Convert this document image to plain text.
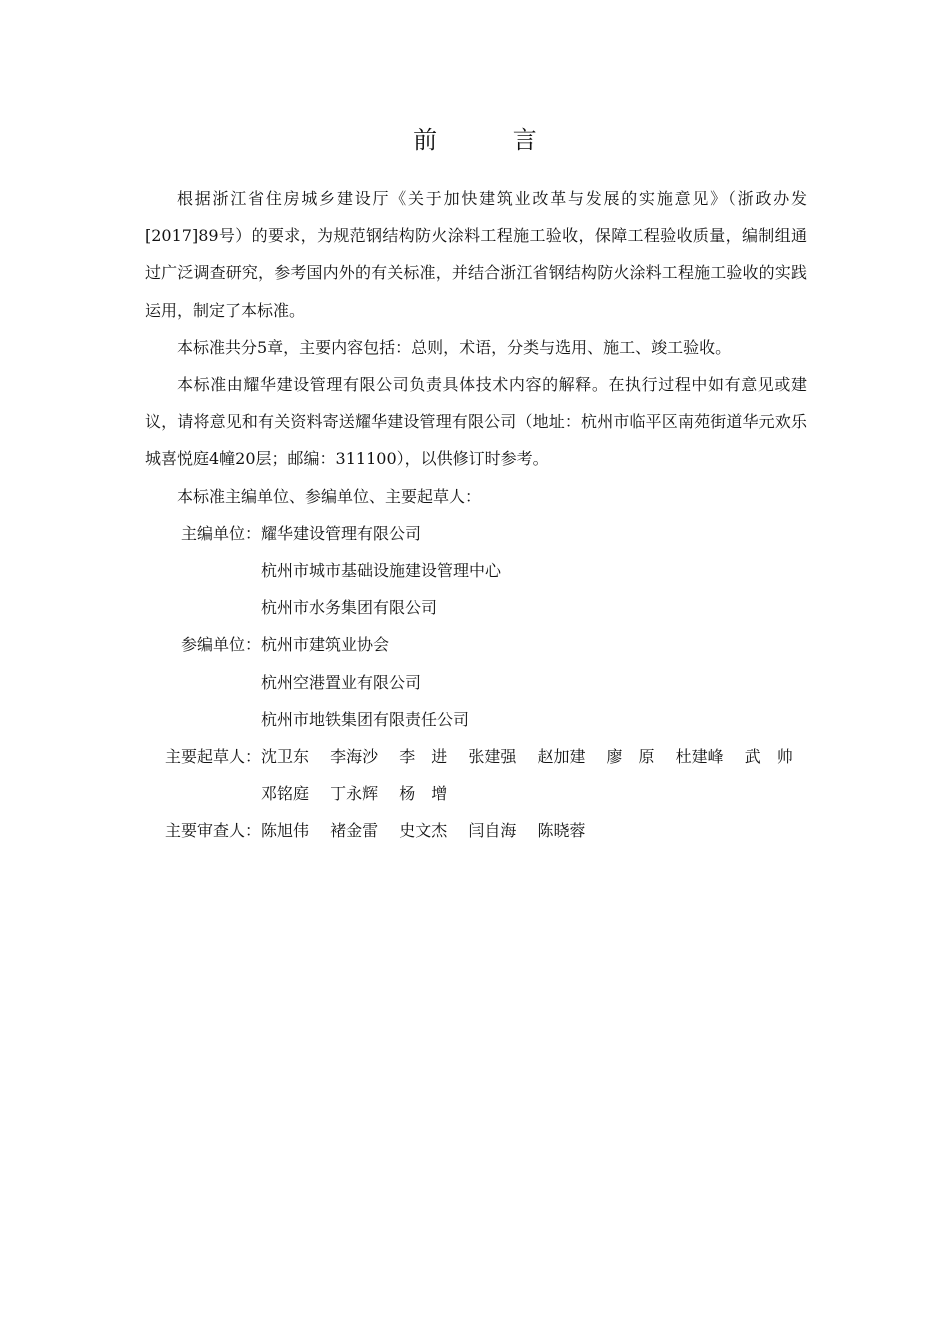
前 言

根据浙江省住房城乡建设厅《关于加快建筑业改革与发展的实施意见》（浙政办发[2017]89号）的要求，为规范钢结构防火涂料工程施工验收，保障工程验收质量，编制组通过广泛调查研究，参考国内外的有关标准，并结合浙江省钢结构防火涂料工程施工验收的实践运用，制定了本标准。

本标准共分5章，主要内容包括：总则，术语，分类与选用、施工、竣工验收。

本标准由耀华建设管理有限公司负责具体技术内容的解释。在执行过程中如有意见或建议，请将意见和有关资料寄送耀华建设管理有限公司（地址：杭州市临平区南苑街道华元欢乐城喜悦庭4幢20层；邮编：311100），以供修订时参考。

本标准主编单位、参编单位、主要起草人：

主编单位： 耀华建设管理有限公司
杭州市城市基础设施建设管理中心
杭州市水务集团有限公司
参编单位： 杭州市建筑业协会
杭州空港置业有限公司
杭州市地铁集团有限责任公司
主要起草人： 沈卫东 李海沙 李　进 张建强 赵加建 廖　原 杜建峰 武　帅
邓铭庭 丁永辉 杨　增
主要审查人： 陈旭伟 褚金雷 史文杰 闫自海 陈晓蓉
